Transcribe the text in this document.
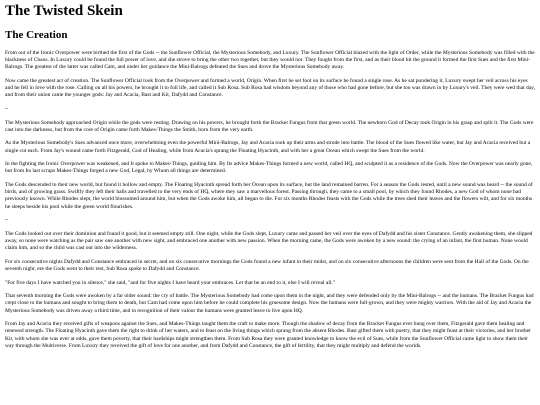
The Twisted Skein
The Creation

From out of the Ironic Overpower were birthed the first of the Gods -- the Sunflower Official, the Mysterious Somebody, and Luxury. The Sunflower Official blazed with the light of Order, while the Mysterious Somebody was filled with the blackness of Chaos. In Luxury could be found the full power of love, and she strove to bring the other two together, but they would not. They fought from the first, and as their blood hit the ground it formed the first Sues and the first Mini-Balrogs. The greatest of the latter was called Cam, and under her guidance the Mini-Balrogs defeated the Sues and drove the Mysterious Somebody away.

Now came the greatest act of creation. The Sunflower Official took from the Overpower and formed a world, Origin. When first he set foot on its surface he found a single rose. As he sat pondering it, Luxury swept her veil across his eyes and he fell in love with the rose. Calling on all his powers, he brought it to full life, and called it Sub Rosa. Sub Rosa had wisdom beyond any of those who had gone before, but she too was drawn in by Luxury's veil. They were wed that day, and from their union came the younger gods: Jay and Acacia, Bast and Kit, Dafydd and Constance.

~

The Mysterious Somebody approached Origin while the gods were resting. Drawing on his powers, he brought forth the Bracket Fungus from that green world. The newborn God of Decay took Origin in his grasp and split it. The Gods were cast into the darkness, but from the core of Origin came forth Makes-Things the Smith, born from the very earth.

As the Mysterious Somebody's Sues advanced once more, overwhelming even the powerful Mini-Balrogs, Jay and Acacia took up their arms and strode into battle. The blood of the Sues flowed like water, but Jay and Acacia received but a single cut each. From Jay's wound came forth Fitzgerald, God of Healing, while from Acacia's sprang the Floating Hyacinth, and with her a great Ocean which swept the Sues from the world.

In the fighting the Ironic Overpower was weakened, and It spoke to Makes-Things, guiding him. By Its advice Makes-Things formed a new world, called HQ, and sculpted it as a residence of the Gods. Now the Overpower was nearly gone, but from Its last scraps Makes-Things forged a new God, Legal, by Whom all things are determined.

The Gods descended to their new world, but found it hollow and empty. The Floating Hyacinth spread forth her Ocean upon its surface, but the land remained barren. For a season the Gods rested, until a new sound was heard -- the sound of birds, and of growing grass. Swiftly they left their halls and travelled to the very ends of HQ, where they saw a marvellous forest. Passing through, they came to a small pool, by which they found Rhodes, a new God of whom none had previously known. While Rhodes slept, the world blossomed around him, but when the Gods awoke him, all began to die. For six months Rhodes feasts with the Gods while the trees shed their leaves and the flowers wilt, and for six months he sleeps beside his pool while the green world flourishes.

~

The Gods looked out over their dominion and found it good, but it seemed empty still. One night, while the Gods slept, Luxury came and passed her veil over the eyes of Dafydd and his sister Constance. Gently awakening them, she slipped away, so none were watching as the pair saw one another with new sight, and embraced one another with new passion. When the morning came, the Gods were awoken by a new sound: the crying of an infant, the first human. None would claim him, and so the child was cast out into the wilderness.

For six consecutive nights Dafydd and Constance embraced in secret, and on six consecutive mornings the Gods found a new infant in their midst, and on six consecutive afternoons the children were sent from the Hall of the Gods. On the seventh night, ere the Gods went to their rest, Sub Rosa spoke to Dafydd and Constance.

"For five days I have watched you in silence," she said, "and for five nights I have heard your embraces. Let that be an end to it, else I will reveal all."

That seventh morning the Gods were awoken by a far older sound: the cry of battle. The Mysterious Somebody had come upon them in the night, and they were defended only by the Mini-Balrogs -- and the humans. The Bracket Fungus had crept close to the humans and sought to bring them to death, but Cam had come upon him before he could complete his gruesome design. Now the humans were full-grown, and they were mighty warriors. With the aid of Jay and Acacia the Mysterious Somebody was driven away a third time, and in recognition of their valour the humans were granted leave to live upon HQ.

From Jay and Acacia they received gifts of weapons against the Sues, and Makes-Things taught them the craft to make more. Though the shadow of decay from the Bracket Fungus ever hung over them, Fitzgerald gave them healing and renewed strength. The Floating Hyacinth gave them the right to drink of her waters, and to feast on the living things which sprang from the absent Rhodes. Bast gifted them with poetry, that they might feast at their victories, and her brother Kit, with whom she was ever at odds, gave them poverty, that their hardships might strengthen them. From Sub Rosa they were granted knowledge to know the evil of Sues, while from the Sunflower Official came light to show them their way through the Multiverse. From Luxury they received the gift of love for one another, and from Dafydd and Constance, the gift of fertility, that they might multiply and defend the worlds.
